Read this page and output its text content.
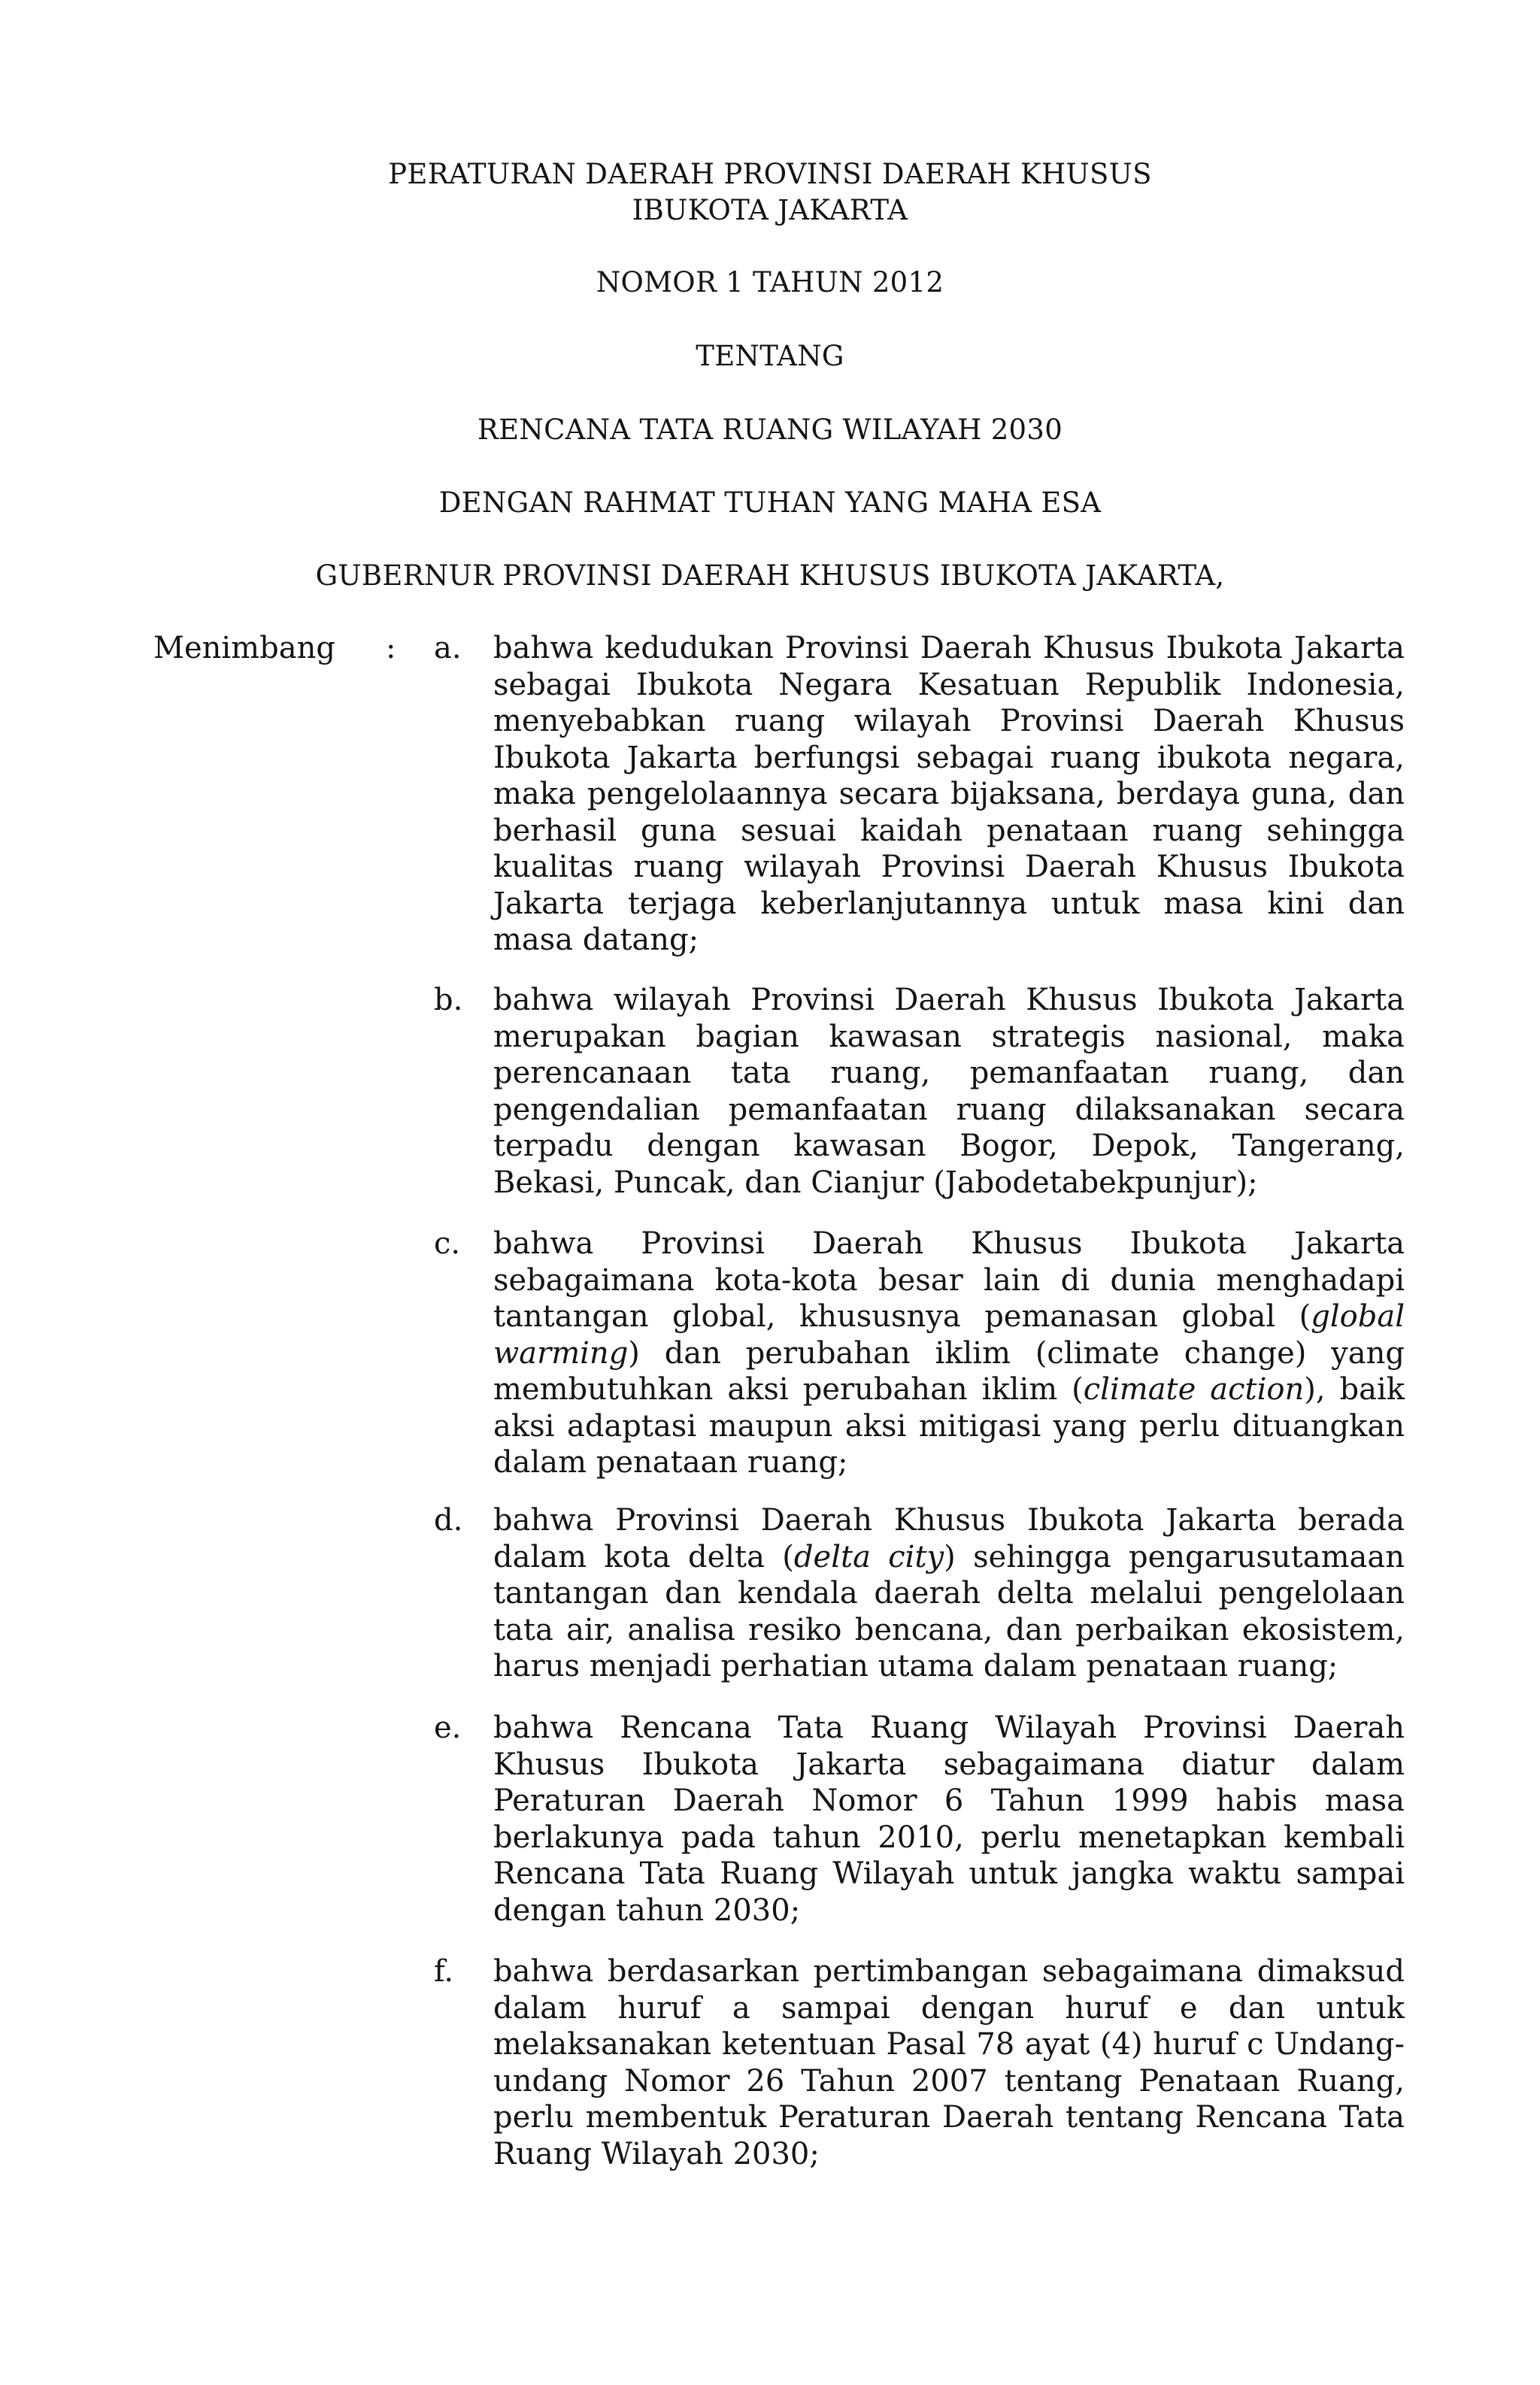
PERATURAN DAERAH PROVINSI DAERAH KHUSUS
IBUKOTA JAKARTA
NOMOR 1 TAHUN 2012
TENTANG
RENCANA TATA RUANG WILAYAH 2030
DENGAN RAHMAT TUHAN YANG MAHA ESA
GUBERNUR PROVINSI DAERAH KHUSUS IBUKOTA JAKARTA,
Menimbang : a. bahwa kedudukan Provinsi Daerah Khusus Ibukota Jakarta sebagai Ibukota Negara Kesatuan Republik Indonesia, menyebabkan ruang wilayah Provinsi Daerah Khusus Ibukota Jakarta berfungsi sebagai ruang ibukota negara, maka pengelolaannya secara bijaksana, berdaya guna, dan berhasil guna sesuai kaidah penataan ruang sehingga kualitas ruang wilayah Provinsi Daerah Khusus Ibukota Jakarta terjaga keberlanjutannya untuk masa kini dan masa datang;
b. bahwa wilayah Provinsi Daerah Khusus Ibukota Jakarta merupakan bagian kawasan strategis nasional, maka perencanaan tata ruang, pemanfaatan ruang, dan pengendalian pemanfaatan ruang dilaksanakan secara terpadu dengan kawasan Bogor, Depok, Tangerang, Bekasi, Puncak, dan Cianjur (Jabodetabekpunjur);
c. bahwa Provinsi Daerah Khusus Ibukota Jakarta sebagaimana kota-kota besar lain di dunia menghadapi tantangan global, khususnya pemanasan global (global warming) dan perubahan iklim (climate change) yang membutuhkan aksi perubahan iklim (climate action), baik aksi adaptasi maupun aksi mitigasi yang perlu dituangkan dalam penataan ruang;
d. bahwa Provinsi Daerah Khusus Ibukota Jakarta berada dalam kota delta (delta city) sehingga pengarusutamaan tantangan dan kendala daerah delta melalui pengelolaan tata air, analisa resiko bencana, dan perbaikan ekosistem, harus menjadi perhatian utama dalam penataan ruang;
e. bahwa Rencana Tata Ruang Wilayah Provinsi Daerah Khusus Ibukota Jakarta sebagaimana diatur dalam Peraturan Daerah Nomor 6 Tahun 1999 habis masa berlakunya pada tahun 2010, perlu menetapkan kembali Rencana Tata Ruang Wilayah untuk jangka waktu sampai dengan tahun 2030;
f. bahwa berdasarkan pertimbangan sebagaimana dimaksud dalam huruf a sampai dengan huruf e dan untuk melaksanakan ketentuan Pasal 78 ayat (4) huruf c Undang-undang Nomor 26 Tahun 2007 tentang Penataan Ruang, perlu membentuk Peraturan Daerah tentang Rencana Tata Ruang Wilayah 2030;
